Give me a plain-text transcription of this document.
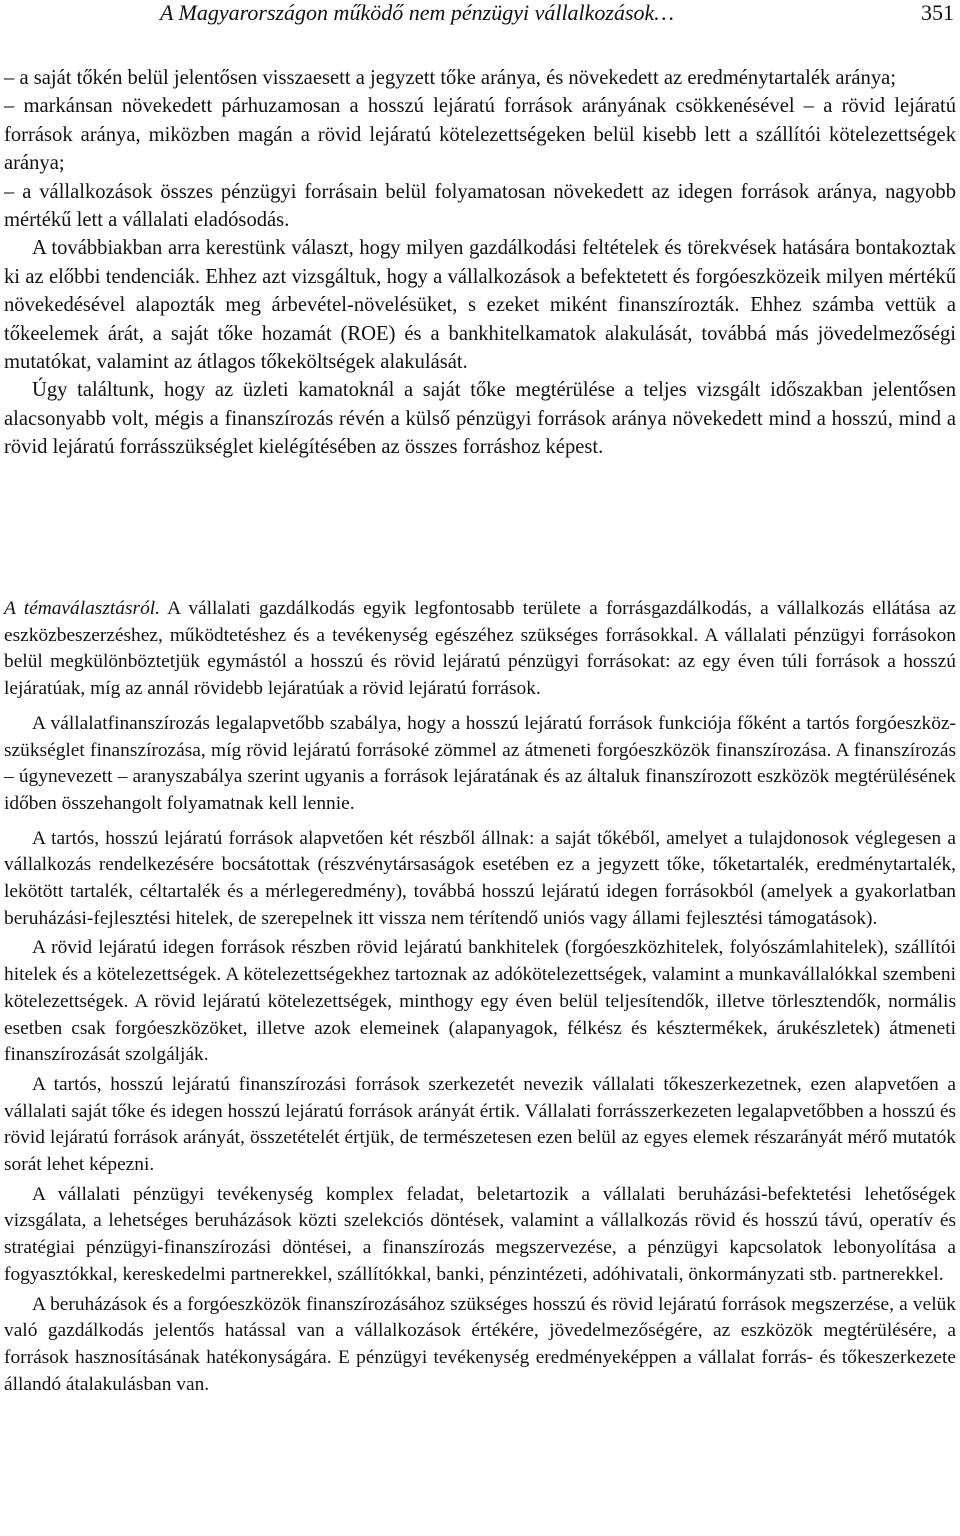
A Magyarországon működő nem pénzügyi vállalkozások…	351

– a saját tőkén belül jelentősen visszaesett a jegyzett tőke aránya, és növekedett az eredménytartalék aránya;

– markánsan növekedett párhuzamosan a hosszú lejáratú források arányának csökkenésével – a rövid lejáratú források aránya, miközben magán a rövid lejáratú kötelezettségeken belül kisebb lett a szállítói kötelezettségek aránya;

– a vállalkozások összes pénzügyi forrásain belül folyamatosan növekedett az idegen források aránya, nagyobb mértékű lett a vállalati eladósodás.

A továbbiakban arra kerestünk választ, hogy milyen gazdálkodási feltételek és törekvések hatására bontakoztak ki az előbbi tendenciák. Ehhez azt vizsgáltuk, hogy a vállalkozások a befektetett és forgóeszközeik milyen mértékű növekedésével alapozták meg árbevétel-növelésüket, s ezeket miként finanszírozták. Ehhez számba vettük a tőkeelemek árát, a saját tőke hozamát (ROE) és a bankhitelkamatok alakulását, továbbá más jövedelmezőségi mutatókat, valamint az átlagos tőkeköltségek alakulását.

Úgy találtunk, hogy az üzleti kamatoknál a saját tőke megtérülése a teljes vizsgált időszakban jelentősen alacsonyabb volt, mégis a finanszírozás révén a külső pénzügyi források aránya növekedett mind a hosszú, mind a rövid lejáratú forrásszükséglet kielégítésében az összes forráshoz képest.

A témaválasztásról. A vállalati gazdálkodás egyik legfontosabb területe a forrásgazdálkodás, a vállalkozás ellátása az eszközbeszerzéshez, működtetéshez és a tevékenység egészéhez szükséges forrásokkal. A vállalati pénzügyi forrásokon belül megkülönböztetjük egymástól a hosszú és rövid lejáratú pénzügyi forrásokat: az egy éven túli források a hosszú lejáratúak, míg az annál rövidebb lejáratúak a rövid lejáratú források.

A vállalatfinanszírozás legalapvetőbb szabálya, hogy a hosszú lejáratú források funkciója főként a tartós forgóeszköz-szükséglet finanszírozása, míg rövid lejáratú forrásoké zömmel az átmeneti forgóeszközök finanszírozása. A finanszírozás – úgynevezett – aranyszabálya szerint ugyanis a források lejáratának és az általuk finanszírozott eszközök megtérülésének időben összehangolt folyamatnak kell lennie.

A tartós, hosszú lejáratú források alapvetően két részből állnak: a saját tőkéből, amelyet a tulajdonosok véglegesen a vállalkozás rendelkezésére bocsátottak (részvénytársaságok esetében ez a jegyzett tőke, tőketartalék, eredménytartalék, lekötött tartalék, céltartalék és a mérlegeredmény), továbbá hosszú lejáratú idegen forrásokból (amelyek a gyakorlatban beruházási-fejlesztési hitelek, de szerepelnek itt vissza nem térítendő uniós vagy állami fejlesztési támogatások).

A rövid lejáratú idegen források részben rövid lejáratú bankhitelek (forgóeszközhitelek, folyószámlahitelek), szállítói hitelek és a kötelezettségek. A kötelezettségekhez tartoznak az adókötelezettségek, valamint a munkavállalókkal szembeni kötelezettségek. A rövid lejáratú kötelezettségek, minthogy egy éven belül teljesítendők, illetve törlesztendők, normális esetben csak forgóeszközöket, illetve azok elemeinek (alapanyagok, félkész és késztermékek, árukészletek) átmeneti finanszírozását szolgálják.

A tartós, hosszú lejáratú finanszírozási források szerkezetét nevezik vállalati tőkeszerkezetnek, ezen alapvetően a vállalati saját tőke és idegen hosszú lejáratú források arányát értik. Vállalati forrásszerkezeten legalapvetőbben a hosszú és rövid lejáratú források arányát, összetételét értjük, de természetesen ezen belül az egyes elemek részarányát mérő mutatók sorát lehet képezni.

A vállalati pénzügyi tevékenység komplex feladat, beletartozik a vállalati beruházási-befektetési lehetőségek vizsgálata, a lehetséges beruházások közti szelekciós döntések, valamint a vállalkozás rövid és hosszú távú, operatív és stratégiai pénzügyi-finanszírozási döntései, a finanszírozás megszervezése, a pénzügyi kapcsolatok lebonyolítása a fogyasztókkal, kereskedelmi partnerekkel, szállítókkal, banki, pénzintézeti, adóhivatali, önkormányzati stb. partnerekkel.

A beruházások és a forgóeszközök finanszírozásához szükséges hosszú és rövid lejáratú források megszerzése, a velük való gazdálkodás jelentős hatással van a vállalkozások értékére, jövedelmezőségére, az eszközök megtérülésére, a források hasznosításának hatékonyságára. E pénzügyi tevékenység eredményeképpen a vállalat forrás- és tőkeszerkezete állandó átalakulásban van.
